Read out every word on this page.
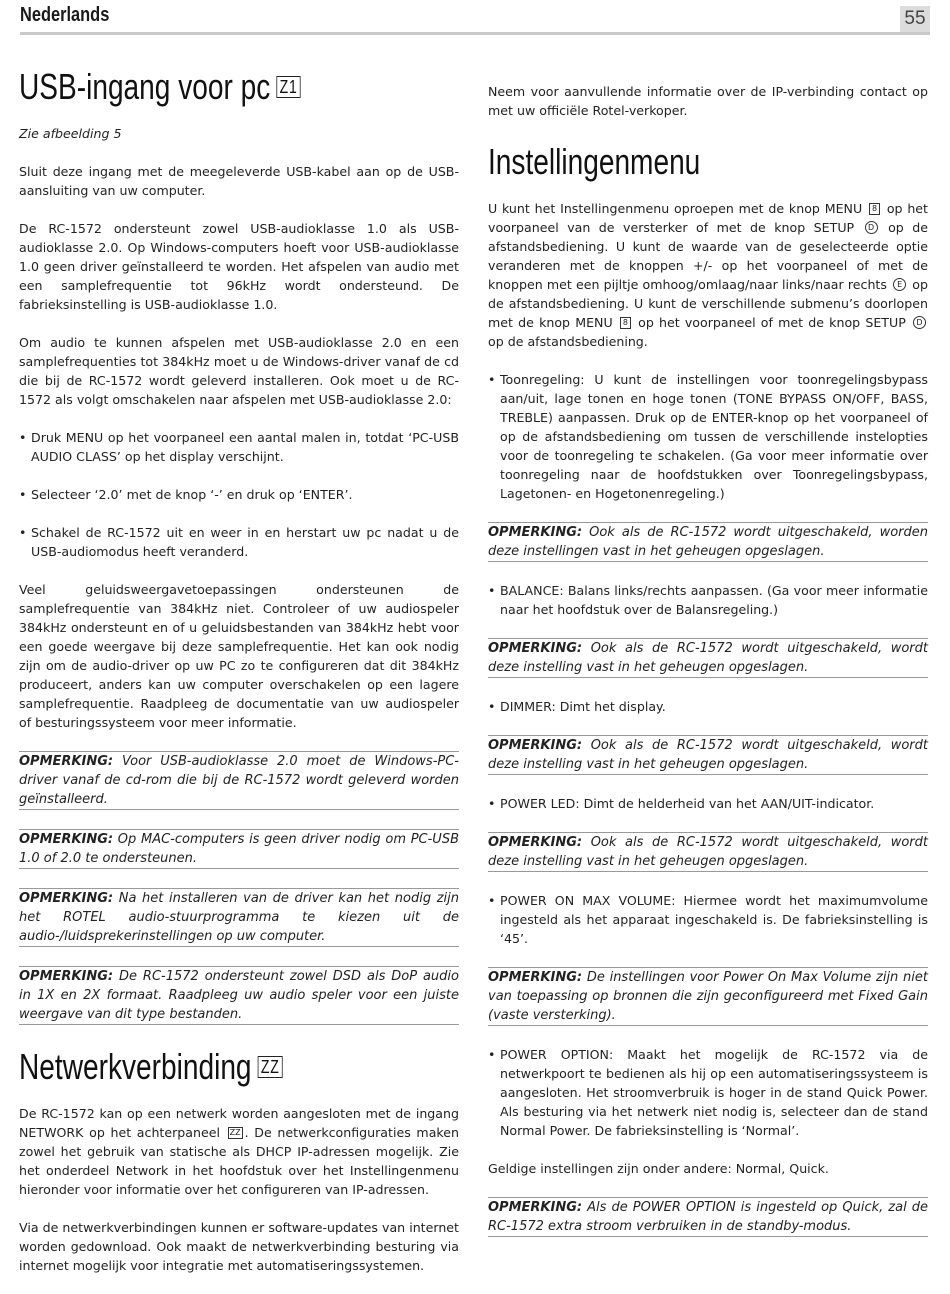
Nederlands	55
USB-ingang voor pc Z1

Zie afbeelding 5

Sluit deze ingang met de meegeleverde USB-kabel aan op de USB-aansluiting van uw computer.

De RC-1572 ondersteunt zowel USB-audioklasse 1.0 als USB-audioklasse 2.0. Op Windows-computers hoeft voor USB-audioklasse 1.0 geen driver geïnstalleerd te worden. Het afspelen van audio met een samplefrequentie tot 96kHz wordt ondersteund. De fabrieksinstelling is USB-audioklasse 1.0.

Om audio te kunnen afspelen met USB-audioklasse 2.0 en een samplefrequenties tot 384kHz moet u de Windows-driver vanaf de cd die bij de RC-1572 wordt geleverd installeren. Ook moet u de RC-1572 als volgt omschakelen naar afspelen met USB-audioklasse 2.0:

• Druk MENU op het voorpaneel een aantal malen in, totdat ‘PC-USB AUDIO CLASS’ op het display verschijnt.
• Selecteer ‘2.0’ met de knop ‘-’ en druk op ‘ENTER’.
• Schakel de RC-1572 uit en weer in en herstart uw pc nadat u de USB-audiomodus heeft veranderd.

Veel geluidsweergavetoepassingen ondersteunen de samplefrequentie van 384kHz niet. Controleer of uw audiospeler 384kHz ondersteunt en of u geluidsbestanden van 384kHz hebt voor een goede weergave bij deze samplefrequentie. Het kan ook nodig zijn om de audio-driver op uw PC zo te configureren dat dit 384kHz produceert, anders kan uw computer overschakelen op een lagere samplefrequentie. Raadpleeg de documentatie van uw audiospeler of besturingssysteem voor meer informatie.

OPMERKING: Voor USB-audioklasse 2.0 moet de Windows-PC-driver vanaf de cd-rom die bij de RC-1572 wordt geleverd worden geïnstalleerd.
OPMERKING: Op MAC-computers is geen driver nodig om PC-USB 1.0 of 2.0 te ondersteunen.
OPMERKING: Na het installeren van de driver kan het nodig zijn het ROTEL audio-stuurprogramma te kiezen uit de audio-/luidsprekerinstellingen op uw computer.
OPMERKING: De RC-1572 ondersteunt zowel DSD als DoP audio in 1X en 2X formaat. Raadpleeg uw audio speler voor een juiste weergave van dit type bestanden.
Netwerkverbinding ZZ

De RC-1572 kan op een netwerk worden aangesloten met de ingang NETWORK op het achterpaneel ZZ . De netwerkconfiguraties maken zowel het gebruik van statische als DHCP IP-adressen mogelijk. Zie het onderdeel Network in het hoofdstuk over het Instellingenmenu hieronder voor informatie over het configureren van IP-adressen.

Via de netwerkverbindingen kunnen er software-updates van internet worden gedownload. Ook maakt de netwerkverbinding besturing via internet mogelijk voor integratie met automatiseringssystemen.

Neem voor aanvullende informatie over de IP-verbinding contact op met uw officiële Rotel-verkoper.

Instellingenmenu

U kunt het Instellingenmenu oproepen met de knop MENU 8 op het voorpaneel van de versterker of met de knop SETUP D op de afstandsbediening. U kunt de waarde van de geselecteerde optie veranderen met de knoppen +/- op het voorpaneel of met de knoppen met een pijltje omhoog/omlaag/naar links/naar rechts E op de afstandsbediening. U kunt de verschillende submenu’s doorlopen met de knop MENU 8 op het voorpaneel of met de knop SETUP D op de afstandsbediening.

• Toonregeling: U kunt de instellingen voor toonregelingsbypass aan/uit, lage tonen en hoge tonen (TONE BYPASS ON/OFF, BASS, TREBLE) aanpassen. Druk op de ENTER-knop op het voorpaneel of op de afstandsbediening om tussen de verschillende instelopties voor de toonregeling te schakelen. (Ga voor meer informatie over toonregeling naar de hoofdstukken over Toonregelingsbypass, Lagetonen- en Hogetonenregeling.)
OPMERKING: Ook als de RC-1572 wordt uitgeschakeld, worden deze instellingen vast in het geheugen opgeslagen.
• BALANCE: Balans links/rechts aanpassen. (Ga voor meer informatie naar het hoofdstuk over de Balansregeling.)
OPMERKING: Ook als de RC-1572 wordt uitgeschakeld, wordt deze instelling vast in het geheugen opgeslagen.
• DIMMER: Dimt het display.
OPMERKING: Ook als de RC-1572 wordt uitgeschakeld, wordt deze instelling vast in het geheugen opgeslagen.
• POWER LED: Dimt de helderheid van het AAN/UIT-indicator.
OPMERKING: Ook als de RC-1572 wordt uitgeschakeld, wordt deze instelling vast in het geheugen opgeslagen.
• POWER ON MAX VOLUME: Hiermee wordt het maximumvolume ingesteld als het apparaat ingeschakeld is. De fabrieksinstelling is ‘45’.
OPMERKING: De instellingen voor Power On Max Volume zijn niet van toepassing op bronnen die zijn geconfigureerd met Fixed Gain (vaste versterking).
• POWER OPTION: Maakt het mogelijk de RC-1572 via de netwerkpoort te bedienen als hij op een automatiseringssysteem is aangesloten. Het stroomverbruik is hoger in de stand Quick Power. Als besturing via het netwerk niet nodig is, selecteer dan de stand Normal Power. De fabrieksinstelling is ‘Normal’.

Geldige instellingen zijn onder andere: Normal, Quick.

OPMERKING: Als de POWER OPTION is ingesteld op Quick, zal de RC-1572 extra stroom verbruiken in de standby-modus.
